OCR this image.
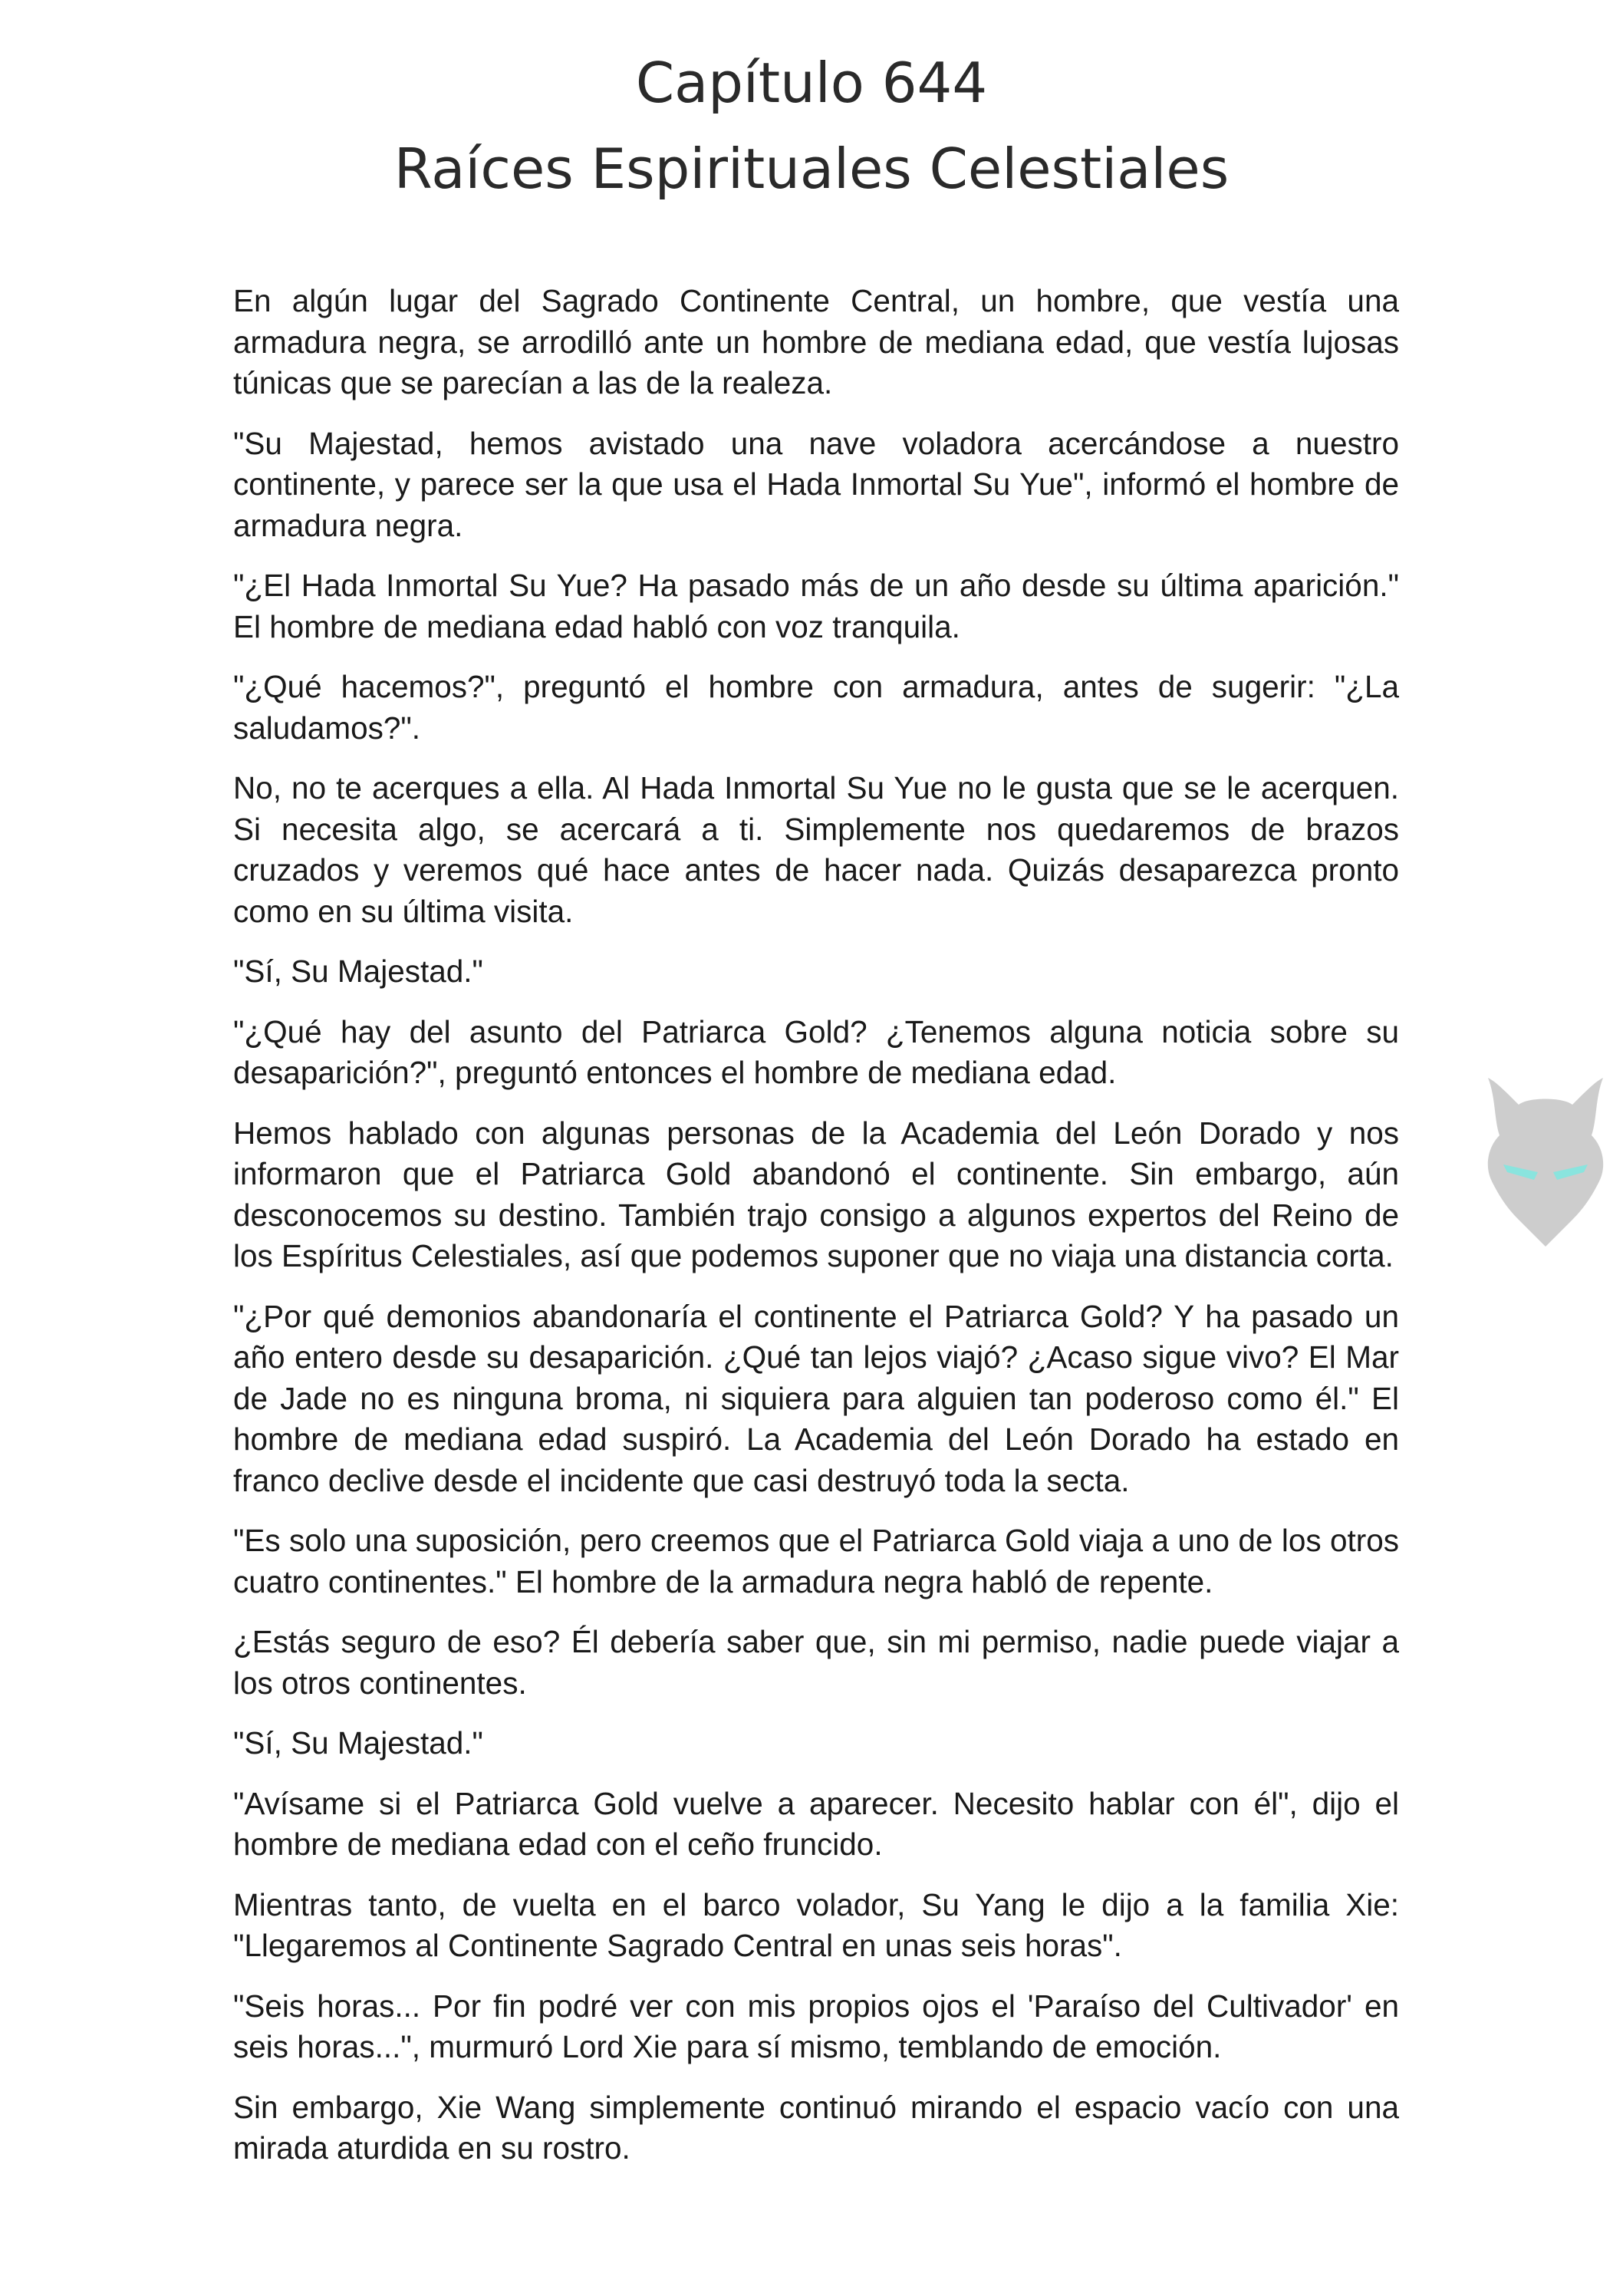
Capítulo 644
Raíces Espirituales Celestiales

En algún lugar del Sagrado Continente Central, un hombre, que vestía una armadura negra, se arrodilló ante un hombre de mediana edad, que vestía lujosas túnicas que se parecían a las de la realeza.

"Su Majestad, hemos avistado una nave voladora acercándose a nuestro continente, y parece ser la que usa el Hada Inmortal Su Yue", informó el hombre de armadura negra.

"¿El Hada Inmortal Su Yue? Ha pasado más de un año desde su última aparición." El hombre de mediana edad habló con voz tranquila.

"¿Qué hacemos?", preguntó el hombre con armadura, antes de sugerir: "¿La saludamos?".

No, no te acerques a ella. Al Hada Inmortal Su Yue no le gusta que se le acerquen. Si necesita algo, se acercará a ti. Simplemente nos quedaremos de brazos cruzados y veremos qué hace antes de hacer nada. Quizás desaparezca pronto como en su última visita.

"Sí, Su Majestad."

"¿Qué hay del asunto del Patriarca Gold? ¿Tenemos alguna noticia sobre su desaparición?", preguntó entonces el hombre de mediana edad.

Hemos hablado con algunas personas de la Academia del León Dorado y nos informaron que el Patriarca Gold abandonó el continente. Sin embargo, aún desconocemos su destino. También trajo consigo a algunos expertos del Reino de los Espíritus Celestiales, así que podemos suponer que no viaja una distancia corta.

"¿Por qué demonios abandonaría el continente el Patriarca Gold? Y ha pasado un año entero desde su desaparición. ¿Qué tan lejos viajó? ¿Acaso sigue vivo? El Mar de Jade no es ninguna broma, ni siquiera para alguien tan poderoso como él." El hombre de mediana edad suspiró. La Academia del León Dorado ha estado en franco declive desde el incidente que casi destruyó toda la secta.

"Es solo una suposición, pero creemos que el Patriarca Gold viaja a uno de los otros cuatro continentes." El hombre de la armadura negra habló de repente.

¿Estás seguro de eso? Él debería saber que, sin mi permiso, nadie puede viajar a los otros continentes.

"Sí, Su Majestad."

"Avísame si el Patriarca Gold vuelve a aparecer. Necesito hablar con él", dijo el hombre de mediana edad con el ceño fruncido.

Mientras tanto, de vuelta en el barco volador, Su Yang le dijo a la familia Xie: "Llegaremos al Continente Sagrado Central en unas seis horas".

"Seis horas... Por fin podré ver con mis propios ojos el 'Paraíso del Cultivador' en seis horas...", murmuró Lord Xie para sí mismo, temblando de emoción.

Sin embargo, Xie Wang simplemente continuó mirando el espacio vacío con una mirada aturdida en su rostro.
